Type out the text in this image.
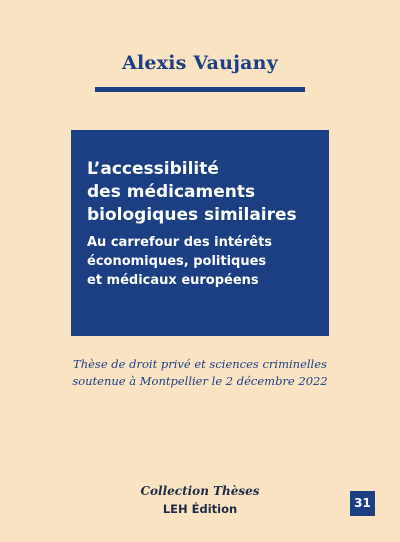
Alexis Vaujany
L’accessibilité
des médicaments
biologiques similaires
Au carrefour des intérêts
économiques, politiques
et médicaux européens
Thèse de droit privé et sciences criminelles
soutenue à Montpellier le 2 décembre 2022
Collection Thèses
LEH Édition	31
